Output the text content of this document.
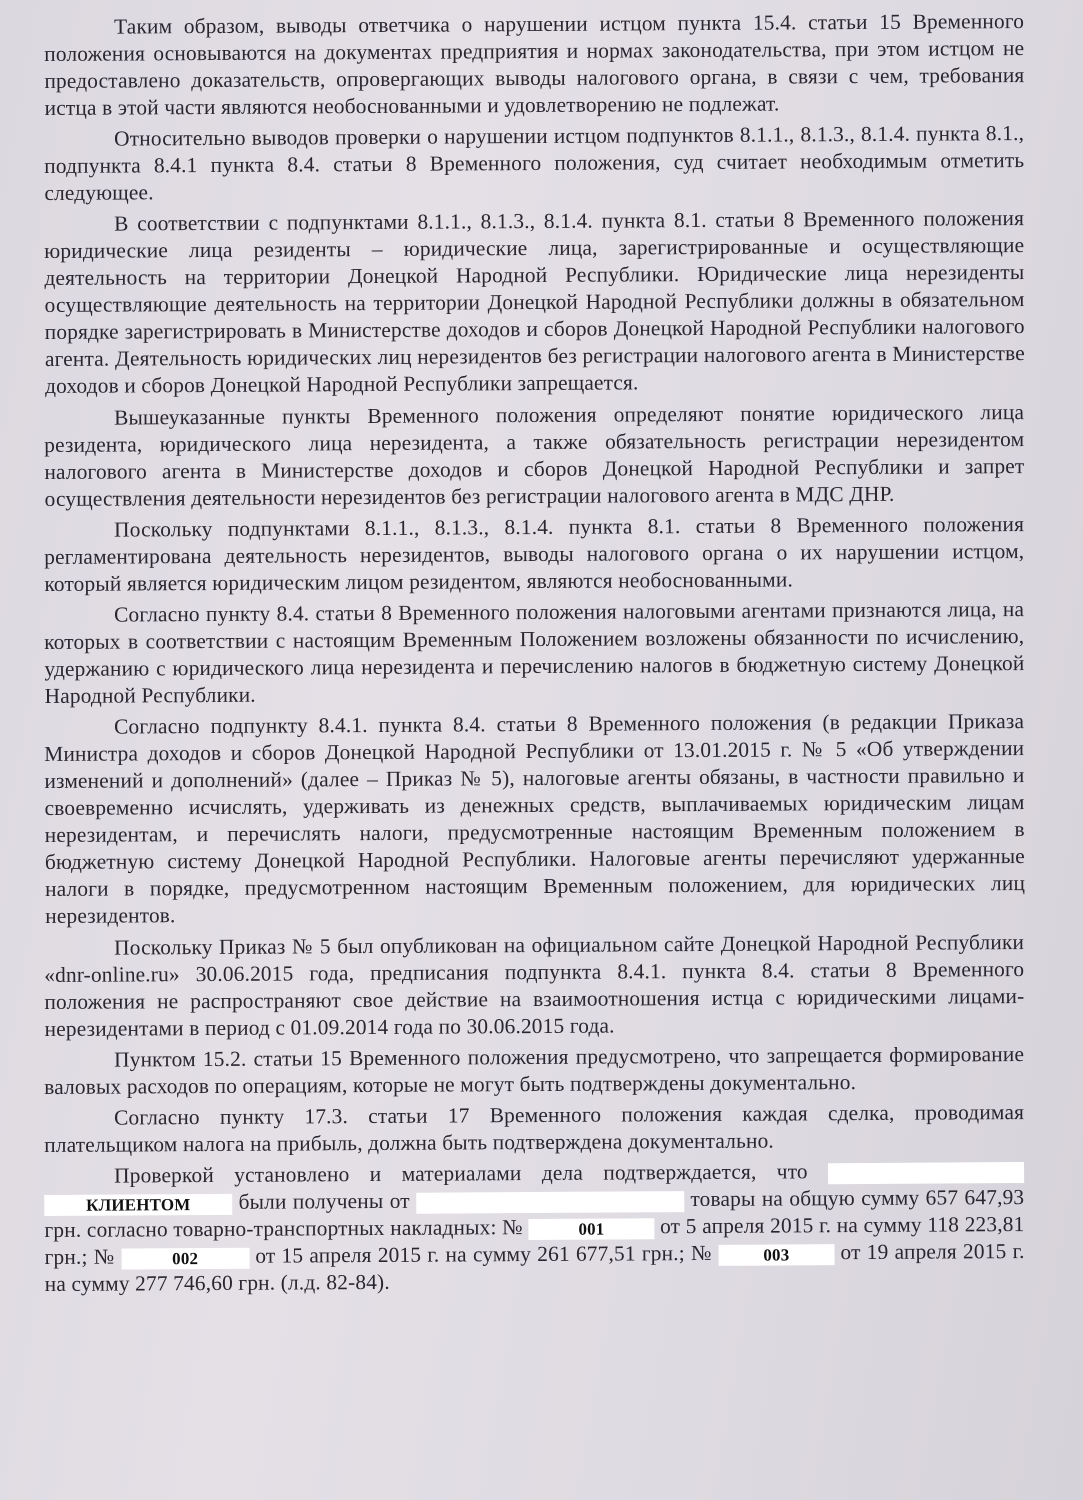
Таким образом, выводы ответчика о нарушении истцом пункта 15.4. статьи 15 Временного положения основываются на документах предприятия и нормах законодательства, при этом истцом не предоставлено доказательств, опровергающих выводы налогового органа, в связи с чем, требования истца в этой части являются необоснованными и удовлетворению не подлежат.

Относительно выводов проверки о нарушении истцом подпунктов 8.1.1., 8.1.3., 8.1.4. пункта 8.1., подпункта 8.4.1 пункта 8.4. статьи 8 Временного положения, суд считает необходимым отметить следующее.

В соответствии с подпунктами 8.1.1., 8.1.3., 8.1.4. пункта 8.1. статьи 8 Временного положения юридические лица резиденты – юридические лица, зарегистрированные и осуществляющие деятельность на территории Донецкой Народной Республики. Юридические лица нерезиденты осуществляющие деятельность на территории Донецкой Народной Республики должны в обязательном порядке зарегистрировать в Министерстве доходов и сборов Донецкой Народной Республики налогового агента. Деятельность юридических лиц нерезидентов без регистрации налогового агента в Министерстве доходов и сборов Донецкой Народной Республики запрещается.

Вышеуказанные пункты Временного положения определяют понятие юридического лица резидента, юридического лица нерезидента, а также обязательность регистрации нерезидентом налогового агента в Министерстве доходов и сборов Донецкой Народной Республики и запрет осуществления деятельности нерезидентов без регистрации налогового агента в МДС ДНР.

Поскольку подпунктами 8.1.1., 8.1.3., 8.1.4. пункта 8.1. статьи 8 Временного положения регламентирована деятельность нерезидентов, выводы налогового органа о их нарушении истцом, который является юридическим лицом резидентом, являются необоснованными.

Согласно пункту 8.4. статьи 8 Временного положения налоговыми агентами признаются лица, на которых в соответствии с настоящим Временным Положением возложены обязанности по исчислению, удержанию с юридического лица нерезидента и перечислению налогов в бюджетную систему Донецкой Народной Республики.

Согласно подпункту 8.4.1. пункта 8.4. статьи 8 Временного положения (в редакции Приказа Министра доходов и сборов Донецкой Народной Республики от 13.01.2015 г. № 5 «Об утверждении изменений и дополнений» (далее – Приказ № 5), налоговые агенты обязаны, в частности правильно и своевременно исчислять, удерживать из денежных средств, выплачиваемых юридическим лицам нерезидентам, и перечислять налоги, предусмотренные настоящим Временным положением в бюджетную систему Донецкой Народной Республики. Налоговые агенты перечисляют удержанные налоги в порядке, предусмотренном настоящим Временным положением, для юридических лиц нерезидентов.

Поскольку Приказ № 5 был опубликован на официальном сайте Донецкой Народной Республики «dnr-online.ru» 30.06.2015 года, предписания подпункта 8.4.1. пункта 8.4. статьи 8 Временного положения не распространяют свое действие на взаимоотношения истца с юридическими лицами-нерезидентами в период с 01.09.2014 года по 30.06.2015 года.

Пунктом 15.2. статьи 15 Временного положения предусмотрено, что запрещается формирование валовых расходов по операциям, которые не могут быть подтверждены документально.

Согласно пункту 17.3. статьи 17 Временного положения каждая сделка, проводимая плательщиком налога на прибыль, должна быть подтверждена документально.

Проверкой установлено и материалами дела подтверждается, что  КЛИЕНТОМ были получены от	товары на общую сумму 657 647,93 грн. согласно товарно-транспортных накладных: №	001	от 5 апреля 2015 г. на сумму 118 223,81 грн.; №	002	от 15 апреля 2015 г. на сумму 261 677,51 грн.; №	003 от 19 апреля 2015 г. на сумму 277 746,60 грн. (л.д. 82-84).
